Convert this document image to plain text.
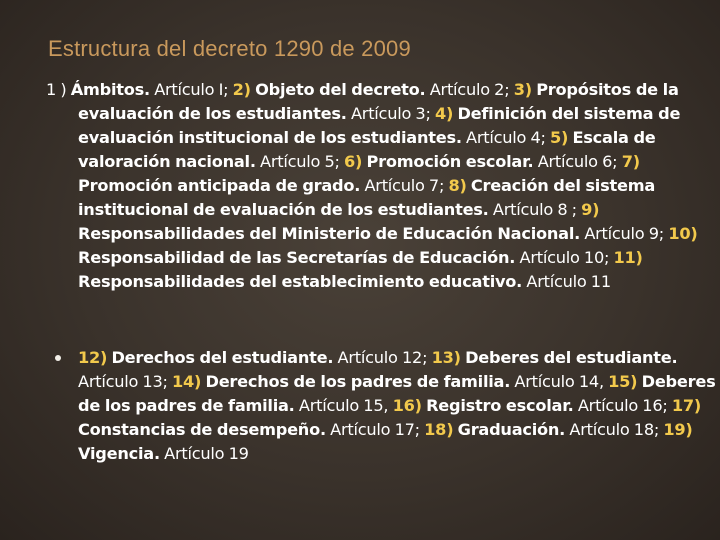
Estructura del decreto 1290 de 2009
1 ) Ámbitos. Artículo I; 2) Objeto del decreto. Artículo 2; 3) Propósitos de la evaluación de los estudiantes. Artículo 3; 4) Definición del sistema de evaluación institucional de los estudiantes. Artículo 4; 5) Escala de valoración nacional. Artículo 5; 6) Promoción escolar. Artículo 6; 7) Promoción anticipada de grado. Artículo 7; 8) Creación del sistema institucional de evaluación de los estudiantes. Artículo 8 ; 9) Responsabilidades del Ministerio de Educación Nacional. Artículo 9; 10) Responsabilidad de las Secretarías de Educación. Artículo 10; 11) Responsabilidades del establecimiento educativo. Artículo 11
12) Derechos del estudiante. Artículo 12; 13) Deberes del estudiante. Artículo 13; 14) Derechos de los padres de familia. Artículo 14, 15) Deberes de los padres de familia. Artículo 15, 16) Registro escolar. Artículo 16; 17) Constancias de desempeño. Artículo 17; 18) Graduación. Artículo 18; 19) Vigencia. Artículo 19
